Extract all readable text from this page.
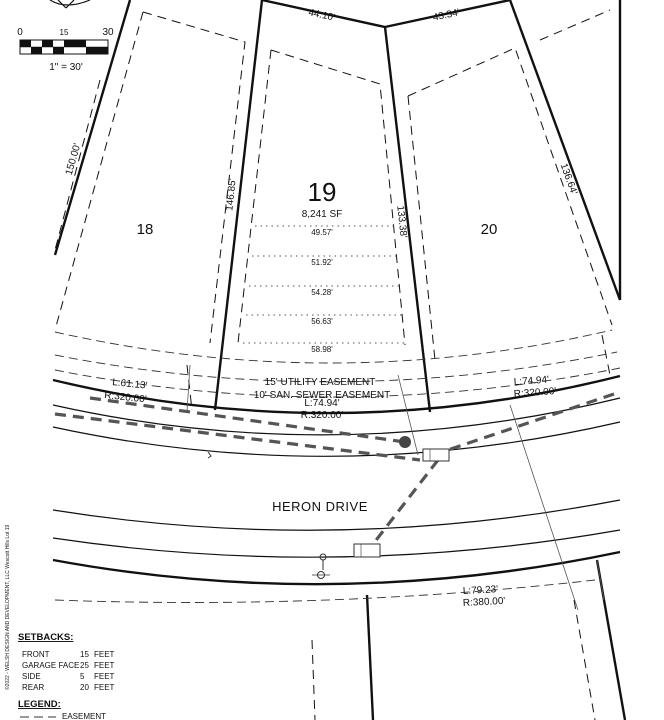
0	15	30
1" = 30'
18
19
8,241 SF
20
44.10'	43.34'
150.00'
146.85'
133.38'
136.64'
49.57'
51.92'
54.28'
56.63'
58.98'
L:61.13'
R:320.00'	L:74.94'
R:320.00'
L:74.94'
R:320.00'
L:79.23'
R:380.00'
15' UTILITY EASEMENT
10' SAN. SEWER EASEMENT
HERON DRIVE
SETBACKS:
FRONT	15 FEET
GARAGE FACE 25 FEET
SIDE	5 FEET
REAR	20 FEET
LEGEND:
EASEMENT
©2022 - WELSH DESIGN AND DEVELOPMENT, LLC Wescott Hills Lot 19
